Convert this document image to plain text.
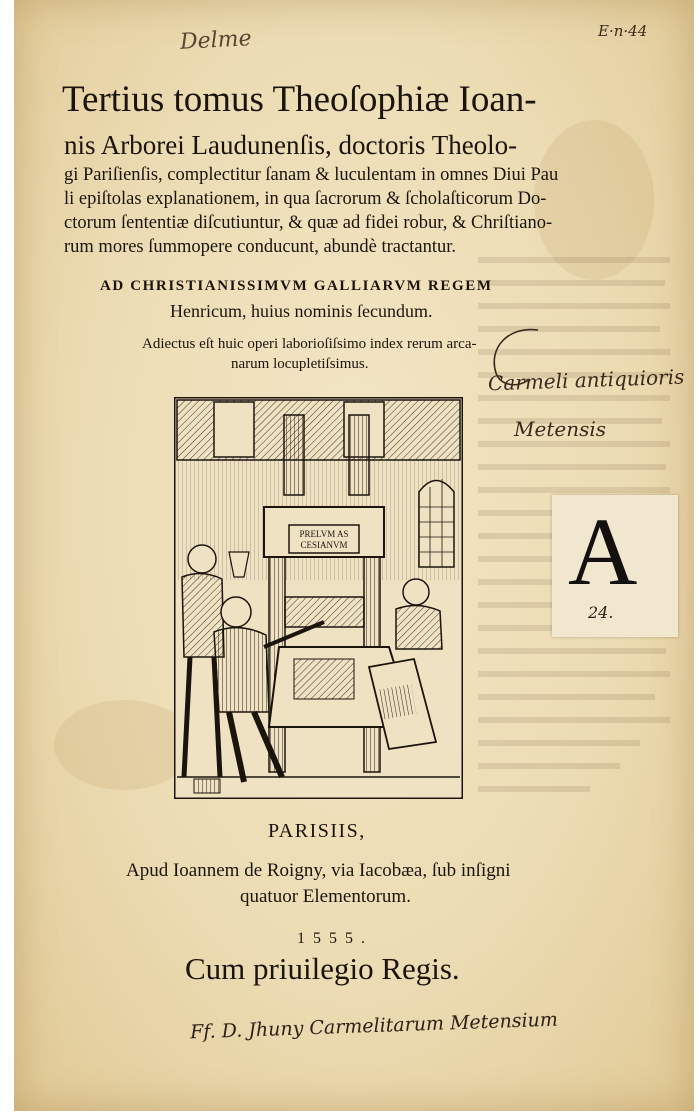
Delme	E·n·44
Tertius tomus Theoſophiæ Ioan-
nis Arborei Laudunenſis, doctoris Theolo-
gi Pariſienſis, complectitur ſanam & luculentam in omnes Diui Pau
li epiſtolas explanationem, in qua ſacrorum & ſcholaſticorum Do-
ctorum ſententiæ diſcutiuntur, & quæ ad fidei robur, & Chriſtiano-
rum mores ſummopere conducunt, abundè tractantur.
AD CHRISTIANISSIMVM GALLIARVM REGEM
Henricum, huius nominis ſecundum.
Adiectus eſt huic operi laborioſiſsimo index rerum arca-
narum locupletiſsimus.
Carmeli antiquioris
Metensis
A
24.
PRELVM AS
CESIANVM
PARISIIS,
Apud Ioannem de Roigny, via Iacobæa, ſub inſigni
quatuor Elementorum.
1555.
Cum priuilegio Regis.
Ff. D. Jhuny Carmelitarum Metensium
